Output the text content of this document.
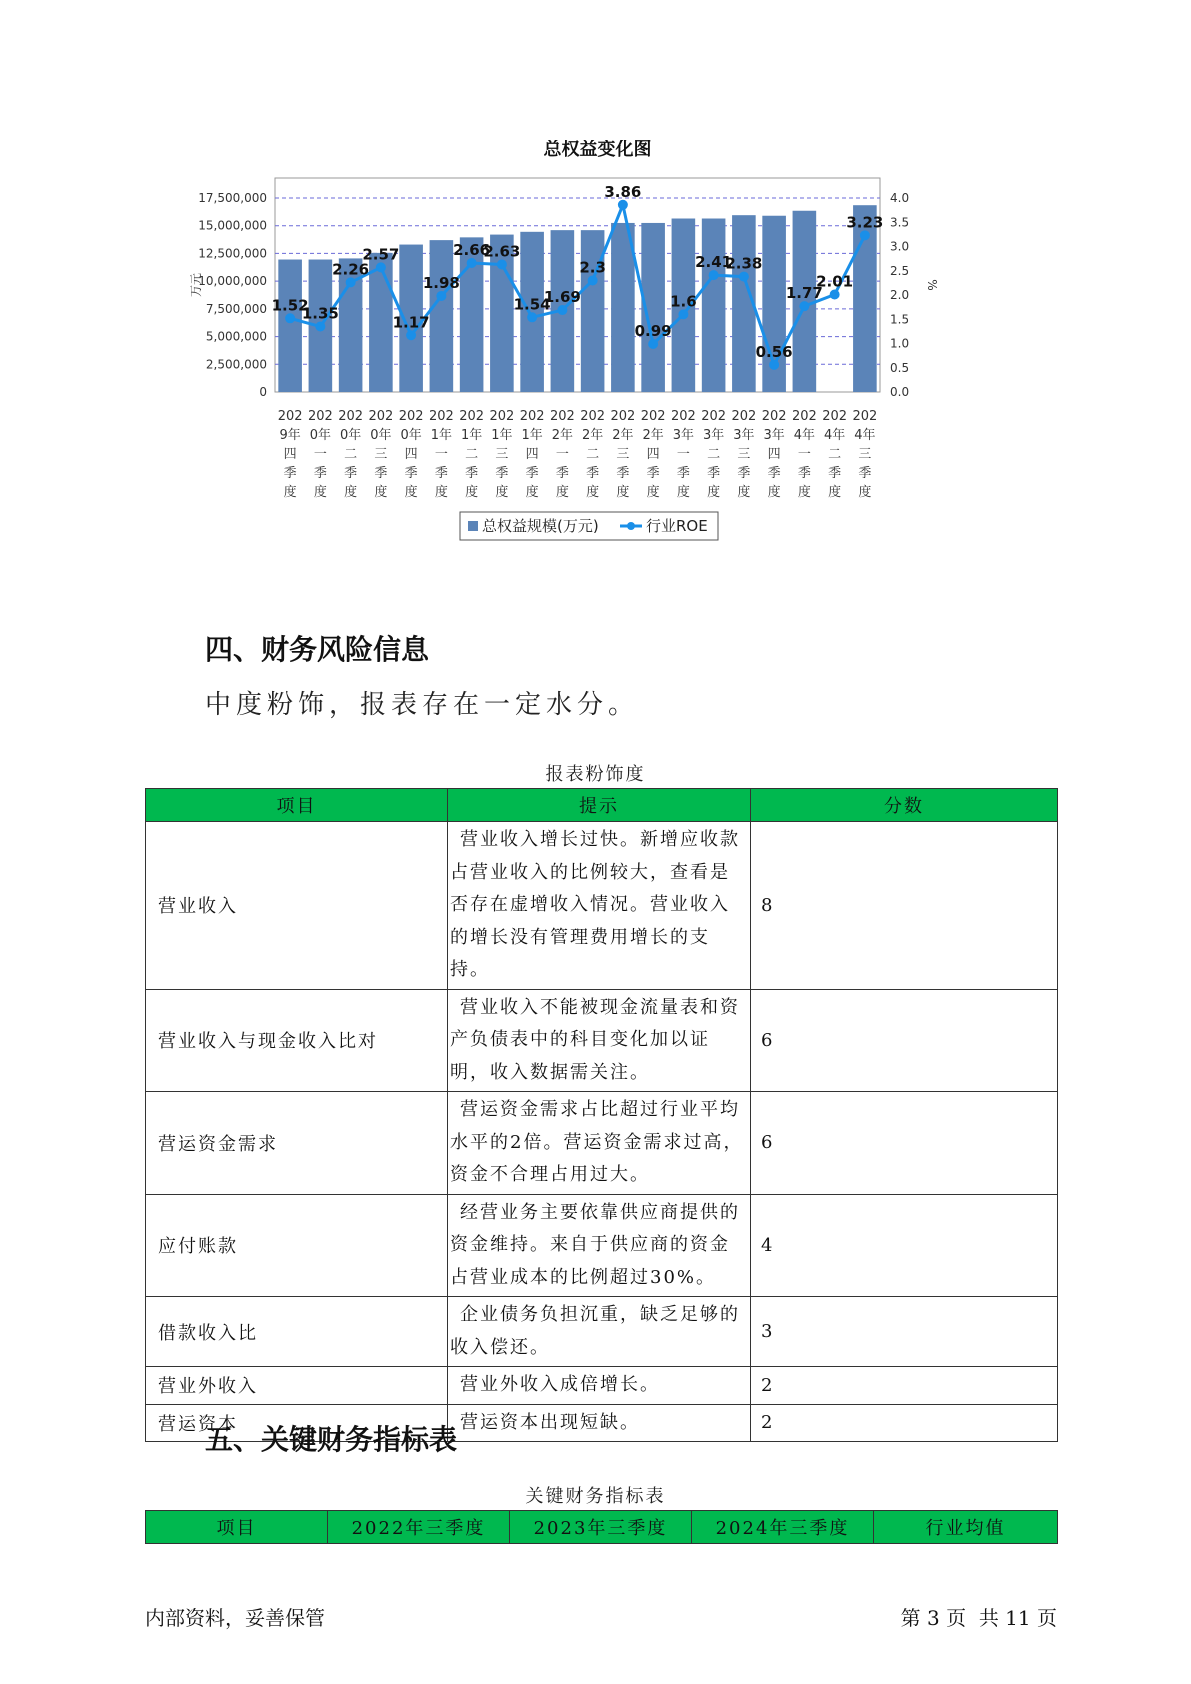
总权益变化图
0
2,500,000
5,000,000
7,500,000
10,000,000
12,500,000
15,000,000
17,500,000
0.0
0.5
1.0
1.5
2.0
2.5
3.0
3.5
4.0
万元	%
1.52
1.35
2.26
2.57
1.17
1.98
2.66
2.63
1.54
1.69
2.3
3.86
0.99
1.6
2.41
2.38
0.56
1.77
2.01
3.23
202
9年
四
季
度
202
0年
一
季
度
202
0年
二
季
度
202
0年
三
季
度
202
0年
四
季
度
202
1年
一
季
度
202
1年
二
季
度
202
1年
三
季
度
202
1年
四
季
度
202
2年
一
季
度
202
2年
二
季
度
202
2年
三
季
度
202
2年
四
季
度
202
3年
一
季
度
202
3年
二
季
度
202
3年
三
季
度
202
3年
四
季
度
202
4年
一
季
度
202
4年
二
季
度
202
4年
三
季
度
总权益规模(万元)	行业ROE
四、财务风险信息

中度粉饰，报表存在一定水分。

报表粉饰度
项目	提示	分数
营业收入	营业收入增长过快。新增应收款占营业收入的比例较大，查看是否存在虚增收入情况。营业收入的增长没有管理费用增长的支持。	8
营业收入与现金收入比对	营业收入不能被现金流量表和资产负债表中的科目变化加以证明，收入数据需关注。	6
营运资金需求	营运资金需求占比超过行业平均水平的2倍。营运资金需求过高，资金不合理占用过大。	6
应付账款	经营业务主要依靠供应商提供的资金维持。来自于供应商的资金占营业成本的比例超过30%。	4
借款收入比	企业债务负担沉重，缺乏足够的收入偿还。	3
营业外收入	营业外收入成倍增长。	2
营运资本	营运资本出现短缺。	2
五、关键财务指标表
关键财务指标表
项目	2022年三季度	2023年三季度	2024年三季度	行业均值
内部资料，妥善保管	第 3 页  共 11 页
